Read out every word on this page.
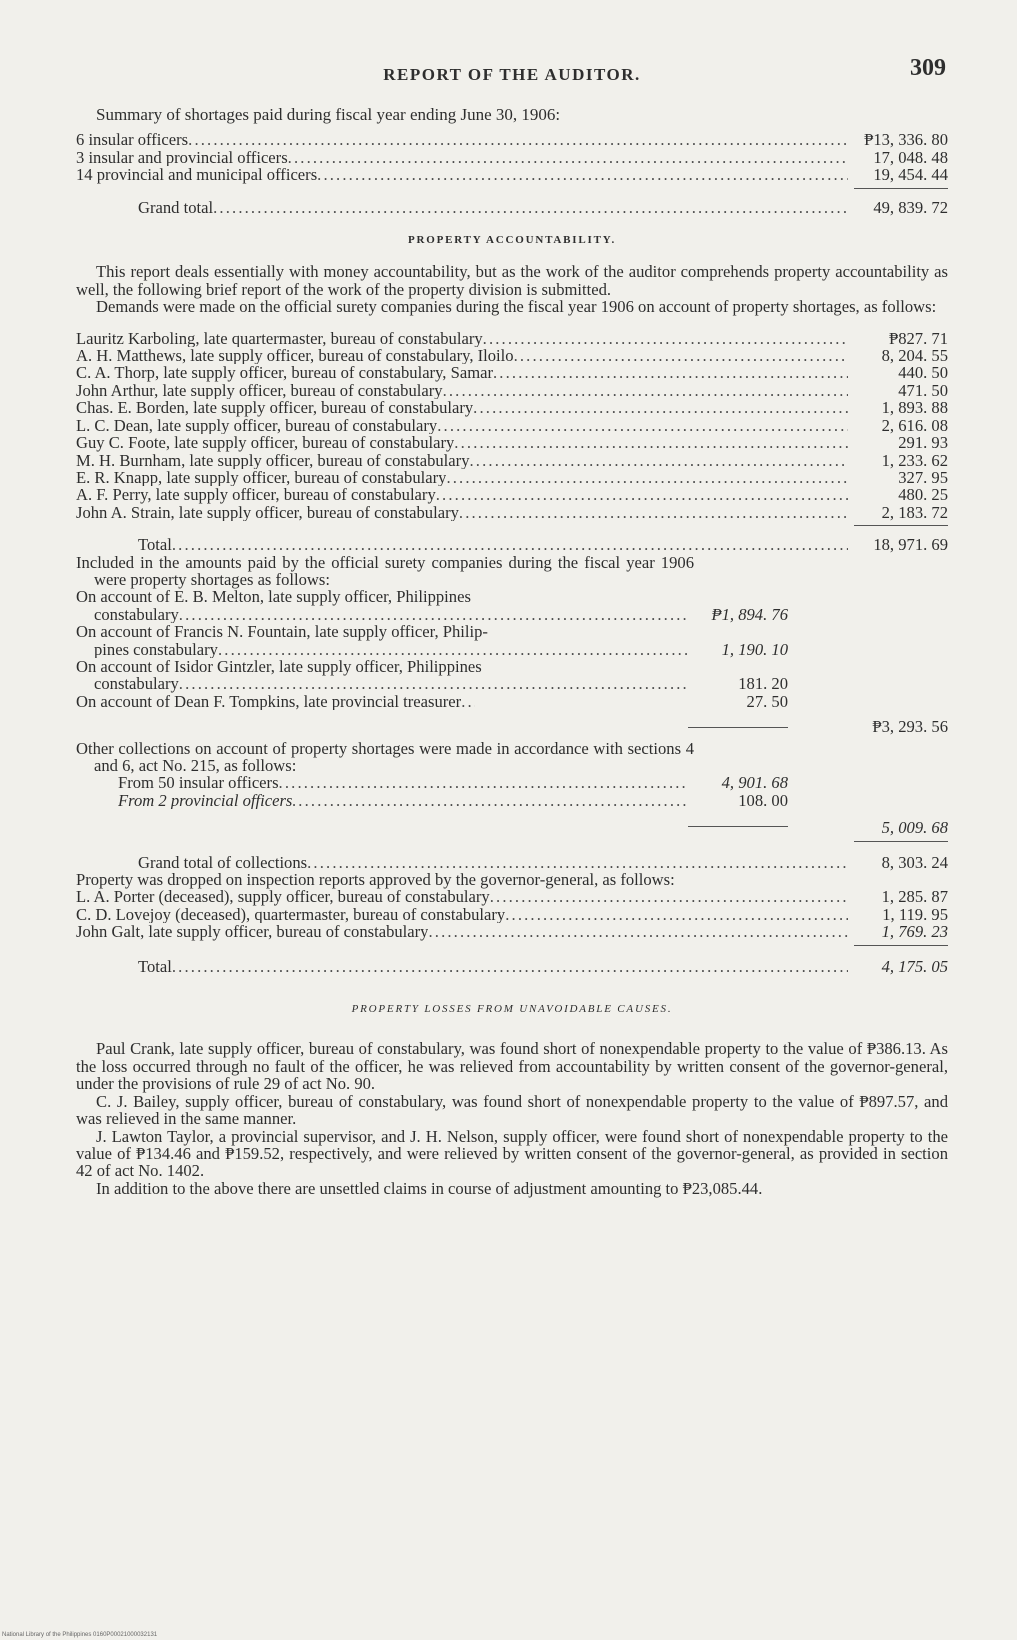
REPORT OF THE AUDITOR.	309
Summary of shortages paid during fiscal year ending June 30, 1906:
6 insular officers . . .	₱13, 336. 80
3 insular and provincial officers . . .	17, 048. 48
14 provincial and municipal officers . . .	19, 454. 44
Grand total . . .	49, 839. 72
PROPERTY ACCOUNTABILITY.
This report deals essentially with money accountability, but as the work of the auditor comprehends property accountability as well, the following brief report of the work of the property division is submitted.
Demands were made on the official surety companies during the fiscal year 1906 on account of property shortages, as follows:
Lauritz Karboling, late quartermaster, bureau of constabulary . . .	₱827. 71
A. H. Matthews, late supply officer, bureau of constabulary, Iloilo . . .	8, 204. 55
C. A. Thorp, late supply officer, bureau of constabulary, Samar . . .	440. 50
John Arthur, late supply officer, bureau of constabulary . . .	471. 50
Chas. E. Borden, late supply officer, bureau of constabulary . . .	1, 893. 88
L. C. Dean, late supply officer, bureau of constabulary . . .	2, 616. 08
Guy C. Foote, late supply officer, bureau of constabulary . . .	291. 93
M. H. Burnham, late supply officer, bureau of constabulary . . .	1, 233. 62
E. R. Knapp, late supply officer, bureau of constabulary . . .	327. 95
A. F. Perry, late supply officer, bureau of constabulary . . .	480. 25
John A. Strain, late supply officer, bureau of constabulary . . .	2, 183. 72
Total . . .	18, 971. 69
Included in the amounts paid by the official surety companies during the fiscal year 1906 were property shortages as follows:
On account of E. B. Melton, late supply officer, Philippines
constabulary . . .	₱1, 894. 76
On account of Francis N. Fountain, late supply officer, Philip-
pines constabulary . . .	1, 190. 10
On account of Isidor Gintzler, late supply officer, Philippines
constabulary . . .	181. 20
On account of Dean F. Tompkins, late provincial treasurer . . .	27. 50
₱3, 293. 56
Other collections on account of property shortages were made in accordance with sections 4 and 6, act No. 215, as follows:
From 50 insular officers . . .	4, 901. 68
From 2 provincial officers . . .	108. 00
5, 009. 68
Grand total of collections . . .	8, 303. 24
Property was dropped on inspection reports approved by the governor-general, as follows:
L. A. Porter (deceased), supply officer, bureau of constabulary . . .	1, 285. 87
C. D. Lovejoy (deceased), quartermaster, bureau of constabulary . . .	1, 119. 95
John Galt, late supply officer, bureau of constabulary . . .	1, 769. 23
Total . . .	4, 175. 05
PROPERTY LOSSES FROM UNAVOIDABLE CAUSES.
Paul Crank, late supply officer, bureau of constabulary, was found short of nonexpendable property to the value of ₱386.13. As the loss occurred through no fault of the officer, he was relieved from accountability by written consent of the governor-general, under the provisions of rule 29 of act No. 90.
C. J. Bailey, supply officer, bureau of constabulary, was found short of nonexpendable property to the value of ₱897.57, and was relieved in the same manner.
J. Lawton Taylor, a provincial supervisor, and J. H. Nelson, supply officer, were found short of nonexpendable property to the value of ₱134.46 and ₱159.52, respectively, and were relieved by written consent of the governor-general, as provided in section 42 of act No. 1402.
In addition to the above there are unsettled claims in course of adjustment amounting to ₱23,085.44.
National Library of the Philippines 0160P00021000032131
